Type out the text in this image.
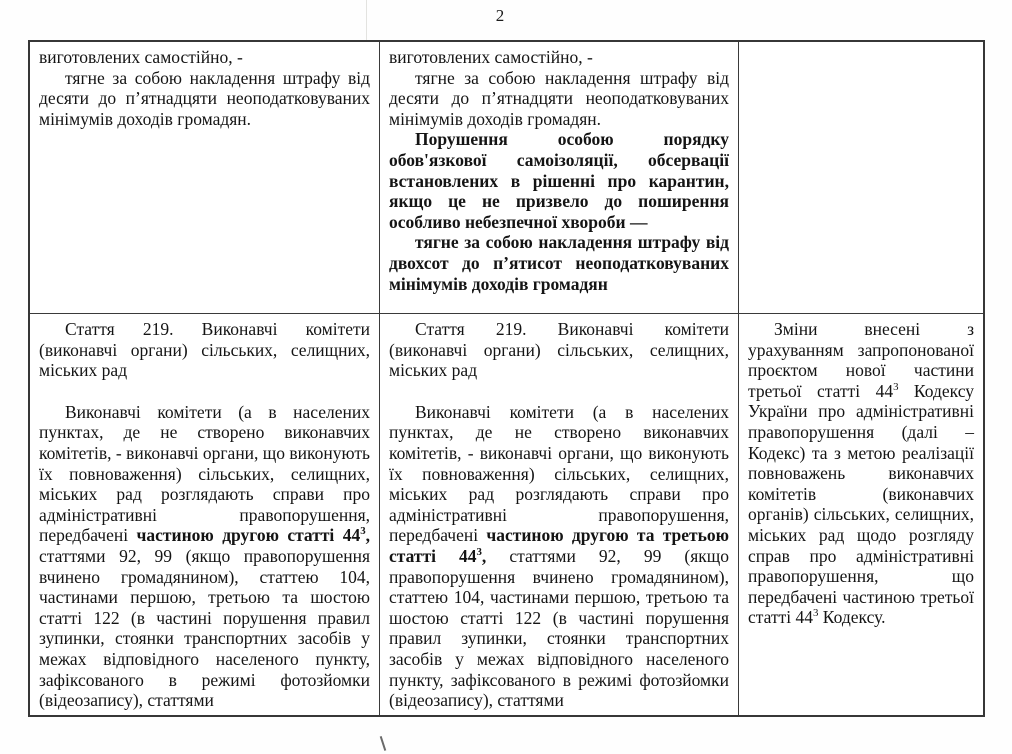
2

виготовлених самостійно, -

тягне за собою накладення штрафу від десяти до п’ятнадцяти неоподатковуваних мінімумів доходів громадян.

виготовлених самостійно, -

тягне за собою накладення штрафу від десяти до п’ятнадцяти неоподатковуваних мінімумів доходів громадян.

Порушення особою порядку обов'язкової самоізоляції, обсервації встановлених в рішенні про карантин, якщо це не призвело до поширення особливо небезпечної хвороби —

тягне за собою накладення штрафу від двохсот до п’ятисот неоподатковуваних мінімумів доходів громадян

Стаття 219. Виконавчі комітети (виконавчі органи) сільських, селищних, міських рад

Виконавчі комітети (а в населених пунктах, де не створено виконавчих комітетів, - виконавчі органи, що виконують їх повноваження) сільських, селищних, міських рад розглядають справи про адміністративні правопорушення, передбачені частиною другою статті $44^3$, статтями 92, 99 (якщо правопорушення вчинено громадянином), статтею 104, частинами першою, третьою та шостою статті 122 (в частині порушення правил зупинки, стоянки транспортних засобів у межах відповідного населеного пункту, зафіксованого в режимі фотозйомки (відеозапису), статтями

Стаття 219. Виконавчі комітети (виконавчі органи) сільських, селищних, міських рад

Виконавчі комітети (а в населених пунктах, де не створено виконавчих комітетів, - виконавчі органи, що виконують їх повноваження) сільських, селищних, міських рад розглядають справи про адміністративні правопорушення, передбачені частиною другою та третьою статті $44^3$, статтями 92, 99 (якщо правопорушення вчинено громадянином), статтею 104, частинами першою, третьою та шостою статті 122 (в частині порушення правил зупинки, стоянки транспортних засобів у межах відповідного населеного пункту, зафіксованого в режимі фотозйомки (відеозапису), статтями

Зміни внесені з урахуванням запропонованої проєктом нової частини третьої статті $44^3$ Кодексу України про адміністративні правопорушення (далі – Кодекс) та з метою реалізації повноважень виконавчих комітетів (виконавчих органів) сільських, селищних, міських рад щодо розгляду справ про адміністративні правопорушення, що передбачені частиною третьої статті $44^3$ Кодексу.
